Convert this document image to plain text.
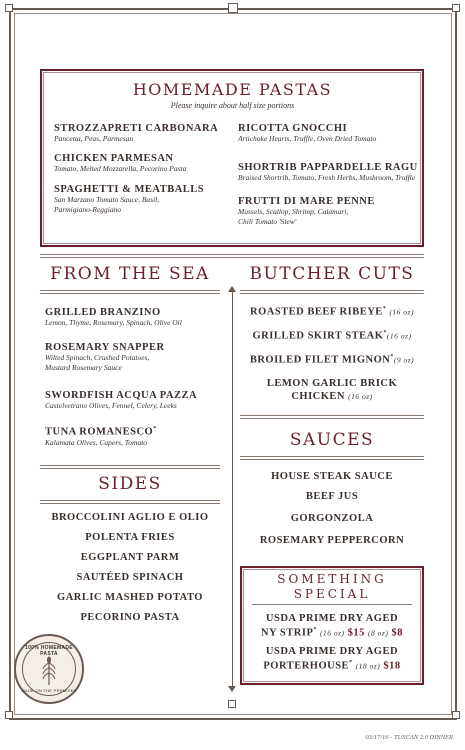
HOMEMADE PASTAS
Please inquire about half size portions
STROZZAPRETI CARBONARA
Pancetta, Peas, Parmesan
CHICKEN PARMESAN
Tomato, Melted Mozzarella, Pecorino Pasta
SPAGHETTI & MEATBALLS
San Marzano Tomato Sauce, Basil,
Parmigiano-Reggiano
RICOTTA GNOCCHI
Artichoke Hearts, Truffle, Oven Dried Tomato
SHORTRIB PAPPARDELLE RAGU
Braised Shortrib, Tomato, Fresh Herbs, Mushroom, Truffle
FRUTTI DI MARE PENNE
Mussels, Scallop, Shrimp, Calamari,
Chili Tomato 'Stew'
FROM THE SEA
GRILLED BRANZINO
Lemon, Thyme, Rosemary, Spinach, Olive Oil
ROSEMARY SNAPPER
Wilted Spinach, Crushed Potatoes,
Mustard Rosemary Sauce
SWORDFISH ACQUA PAZZA
Castelvetrano Olives, Fennel, Celery, Leeks
TUNA ROMANESCO*
Kalamata Olives, Capers, Tomato
SIDES
BROCCOLINI AGLIO E OLIO
POLENTA FRIES
EGGPLANT PARM
SAUTÉED SPINACH
GARLIC MASHED POTATO
PECORINO PASTA
BUTCHER CUTS
ROASTED BEEF RIBEYE* (16 oz)
GRILLED SKIRT STEAK*(16 oz)
BROILED FILET MIGNON*(9 oz)
LEMON GARLIC BRICK
CHICKEN (16 oz)
SAUCES
HOUSE STEAK SAUCE
BEEF JUS
GORGONZOLA
ROSEMARY PEPPERCORN
SOMETHING
SPECIAL
USDA PRIME DRY AGED
NY STRIP* (16 oz) $15 (8 oz) $8
USDA PRIME DRY AGED
PORTERHOUSE* (18 oz) $18
100% HOMEMADE PASTA
MADE ON THE PREMISES
03/17/16 - TUSCAN 2.0 DINNER
